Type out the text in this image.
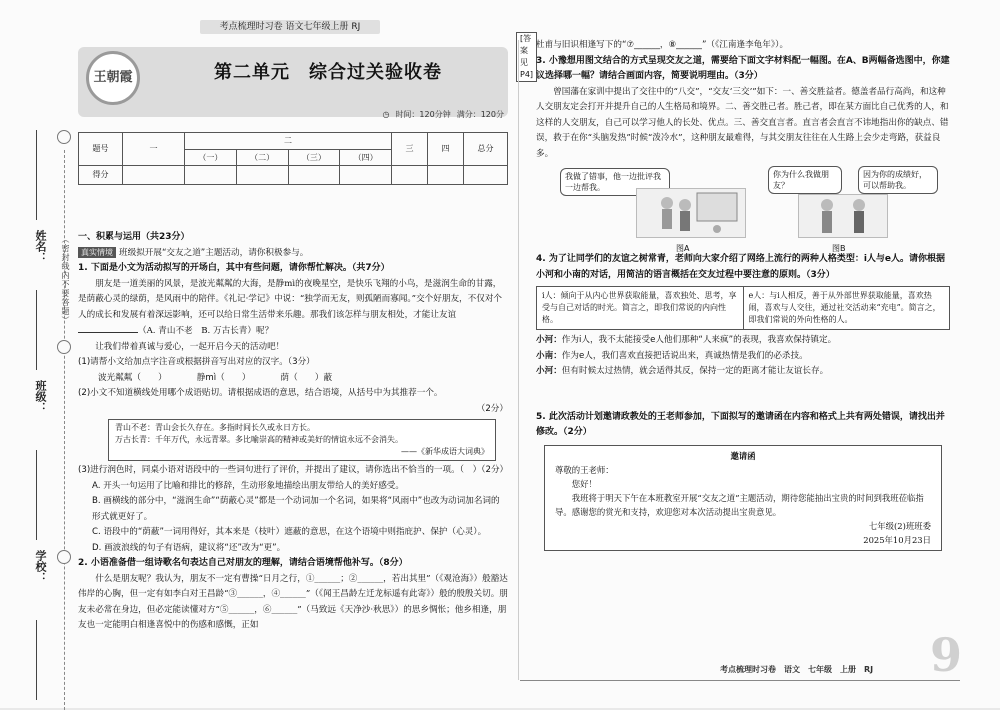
考点梳理时习卷 语文七年级上册 RJ
姓名：
班级：
学校：
（密封线内不要答题）
[答案见P4]
王朝霞	第二单元　综合过关验收卷
◷ 时间：120分钟 满分：120分
题号	一	二				三	四	总分
		（一）	（二）	（三）	（四）			
得分								
一、积累与运用（共23分）
真实情境 班级拟开展“交友之道”主题活动，请你积极参与。
1. 下面是小文为活动拟写的开场白，其中有些问题，请你帮忙解决。（共7分）
朋友是一道美丽的风景，是波光粼粼的大海，是静mì的夜晚星空，是快乐飞翔的小鸟，是滋润生命的甘露，是荫蔽心灵的绿荫，是风雨中的陪伴。《礼记·学记》中说：“独学而无友，则孤陋而寡闻。”交个好朋友，不仅对个人的成长和发展有着深远影响，还可以给日常生活带来乐趣。那我们该怎样与朋友相处，才能让友谊（A. 青山不老　B. 万古长青）呢？
让我们带着真诚与爱心，一起开启今天的活动吧！
(1)请帮小文给加点字注音或根据拼音写出对应的汉字。（3分）
波光粼粼（　　）	静mì（　　）	荫（　　）蔽
(2)小文不知道横线处用哪个成语贴切。请根据成语的意思，结合语境，从括号中为其推荐一个。
（2分）
青山不老：青山会长久存在。多指时间长久或永日方长。
万古长青：千年万代，永远青翠。多比喻崇高的精神或美好的情谊永远不会消失。
——《新华成语大词典》
(3)进行润色时，同桌小语对语段中的一些词句进行了评价，并提出了建议，请你选出不恰当的一项。（　）（2分）
A. 开头一句运用了比喻和排比的修辞，生动形象地描绘出朋友带给人的美好感受。
B. 画横线的部分中，“滋润生命”“荫蔽心灵”都是一个动词加一个名词，如果将“风雨中”也改为动词加名词的形式就更好了。
C. 语段中的“荫蔽”一词用得好，其本来是（枝叶）遮蔽的意思，在这个语境中则指庇护、保护（心灵）。
D. 画波浪线的句子有语病，建议将“还”改为“更”。
2. 小语准备借一组诗歌名句表达自己对朋友的理解，请结合语境帮他补写。（8分）
什么是朋友呢？我认为，朋友不一定有曹操“日月之行，①______；②______，若出其里”（《观沧海》）般豁达伟岸的心胸，但一定有如李白对王昌龄“③______，④______”（《闻王昌龄左迁龙标遥有此寄》）般的殷殷关切。朋友未必常在身边，但必定能读懂对方“⑤______，⑥______”（马致远《天净沙·秋思》）的思乡惆怅；他乡相逢，朋友也一定能明白相逢喜悦中的伤感和感慨，正如
杜甫与旧识相逢写下的“⑦______，⑧______”（《江南逢李龟年》）。
3. 小豫想用图文结合的方式呈现交友之道，需要给下面文字材料配一幅图。在A、B两幅备选图中，你建议选择哪一幅？请结合画面内容，简要说明理由。（3分）
曾国藩在家训中提出了交往中的“八交”，“交友‘三交’”如下：一、善交胜益者。德盖者品行高尚，和这种人交朋友定会打开并提升自己的人生格局和境界。二、善交胜己者。胜己者，即在某方面比自己优秀的人，和这样的人交朋友，自己可以学习他人的长处、优点。三、善交直言者。直言者会直言不讳地指出你的缺点、错误，救于在你“头脑发热”时候“泼冷水”，这种朋友最难得，与其交朋友往往在人生路上会少走弯路，获益良多。
我做了错事，他一边批评我一边帮我。
图A
你为什么我做朋友？
因为你的成绩好，可以帮助我。
图B
4. 为了让同学们的友谊之树常青，老师向大家介绍了网络上流行的两种人格类型：i人与e人。请你根据小河和小南的对话，用简洁的语言概括在交友过程中要注意的原则。（3分）
i人：倾向于从内心世界获取能量，喜欢独处、思考，享受与自己对话的时光。简言之，即我们常说的内向性格。
e人：与i人相反，善于从外部世界获取能量，喜欢热闹，喜欢与人交往，通过社交活动来“充电”。简言之，即我们常说的外向性格的人。
小河：作为i人，我不太能接受e人他们那种“人来疯”的表现，我喜欢保持镇定。
小南：作为e人，我们喜欢直接把话说出来，真诚热情是我们的必杀技。
小河：但有时候太过热情，就会适得其反，保持一定的距离才能让友谊长存。
5. 此次活动计划邀请政教处的王老师参加，下面拟写的邀请函在内容和格式上共有两处错误，请找出并修改。（2分）
邀请函
尊敬的王老师：
您好！
我班将于明天下午在本班教室开展“交友之道”主题活动，期待您能抽出宝贵的时间到我班莅临指导。感谢您的赏光和支持，欢迎您对本次活动提出宝贵意见。
七年级(2)班班委
2025年10月23日
考点梳理时习卷　语文　七年级　上册　RJ 9
